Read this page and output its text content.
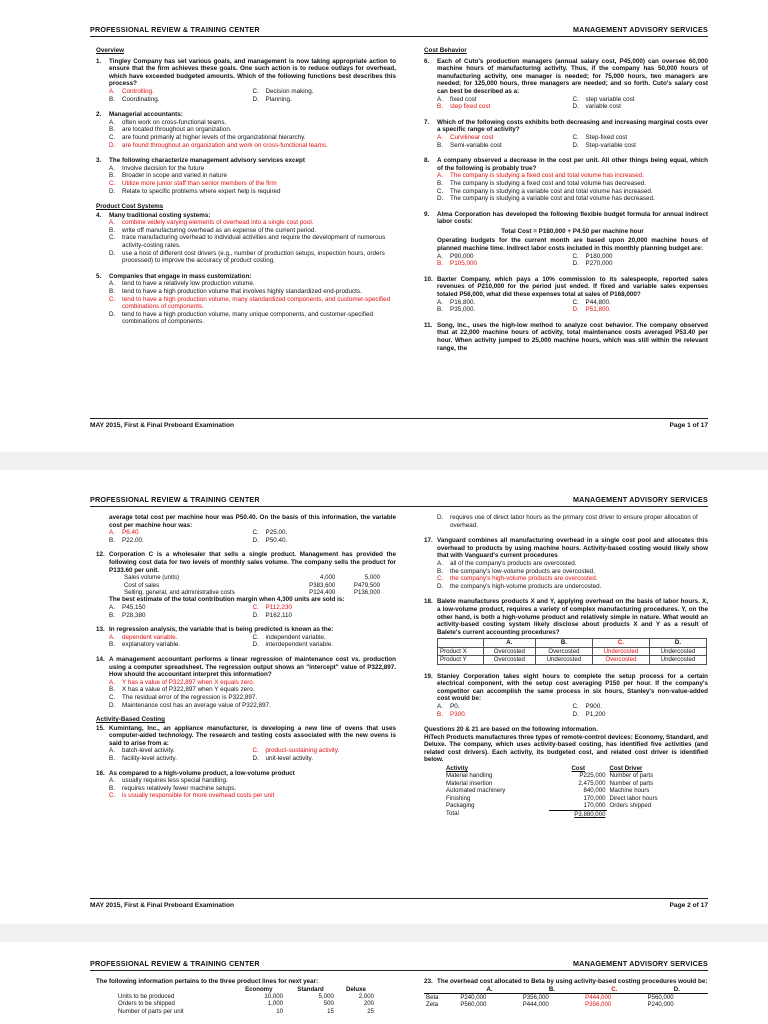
PROFESSIONAL REVIEW & TRAINING CENTER	MANAGEMENT ADVISORY SERVICES
Overview
1.	Tingley Company has set various goals, and management is now taking appropriate action to ensure that the firm achieves these goals. One such action is to reduce outlays for overhead, which have exceeded budgeted amounts. Which of the following functions best describes this process?
A.	Controlling.	C.	Decision making.
B.	Coordinating.	D.	Planning.
2.	Managerial accountants:
A.	often work on cross-functional teams.
B.	are located throughout an organization.
C.	are found primarily at higher levels of the organizational hierarchy.
D.	are found throughout an organization and work on cross-functional teams.
3.	The following characterize management advisory services except
A.	Involve decision for the future
B.	Broader in scope and varied in nature
C.	Utilize more junior staff than senior members of the firm
D.	Relate to specific problems where expert help is required
Product Cost Systems
4.	Many traditional costing systems:
A.	combine widely varying elements of overhead into a single cost pool.
B.	write off manufacturing overhead as an expense of the current period.
C.	trace manufacturing overhead to individual activities and require the development of numerous activity-costing rates.
D.	use a host of different cost drivers (e.g., number of production setups, inspection hours, orders processed) to improve the accuracy of product costing.
5.	Companies that engage in mass customization:
A.	tend to have a relatively low production volume.
B.	tend to have a high production volume that involves highly standardized end-products.
C.	tend to have a high production volume, many standardized components, and customer-specified combinations of components.
D.	tend to have a high production volume, many unique components, and customer-specified combinations of components.
Cost Behavior
6.	Each of Cuto's production managers (annual salary cost, P45,000) can oversee 60,000 machine hours of manufacturing activity. Thus, if the company has 50,000 hours of manufacturing activity, one manager is needed; for 75,000 hours, two managers are needed; for 125,000 hours, three managers are needed; and so forth. Cuto's salary cost can best be described as a:
A.	fixed cost	C.	step variable cost
B.	step fixed cost	D.	variable cost
7.	Which of the following costs exhibits both decreasing and increasing marginal costs over a specific range of activity?
A.	Curvilinear cost	C.	Step-fixed cost
B.	Semi-variable cost	D.	Step-variable cost
8.	A company observed a decrease in the cost per unit. All other things being equal, which of the following is probably true?
A.	The company is studying a fixed cost and total volume has increased.
B.	The company is studying a fixed cost and total volume has decreased.
C.	The company is studying a variable cost and total volume has increased.
D.	The company is studying a variable cost and total volume has decreased.
9.	Alma Corporation has developed the following flexible budget formula for annual indirect labor costs:
Total Cost = P180,000 + P4.50 per machine hour
Operating budgets for the current month are based upon 20,000 machine hours of planned machine time. Indirect labor costs included in this monthly planning budget are:
A.	P90,000	C.	P180,000
B.	P105,000	D.	P270,000
10. Baxter Company, which pays a 10% commission to its salespeople, reported sales revenues of P210,000 for the period just ended. If fixed and variable sales expenses totaled P56,000, what did these expenses total at sales of P168,000?
A.	P16,800.	C.	P44,800.
B.	P35,000.	D.	P51,800.
11. Song, Inc., uses the high-low method to analyze cost behavior. The company observed that at 22,000 machine hours of activity, total maintenance costs averaged P53.40 per hour. When activity jumped to 25,000 machine hours, which was still within the relevant range, the
MAY 2015, First & Final Preboard Examination	Page 1 of 17
PROFESSIONAL REVIEW & TRAINING CENTER	MANAGEMENT ADVISORY SERVICES
average total cost per machine hour was P50.40. On the basis of this information, the variable cost per machine hour was:
A.	P6.40.	C.	P25.00.
B.	P22.00.	D.	P50.40.
12. Corporation C is a wholesaler that sells a single product. Management has provided the following cost data for two levels of monthly sales volume. The company sells the product for P133.60 per unit.
Sales volume (units)	4,000	5,000
Cost of sales	P383,600	P479,500
Selling, general, and administrative costs	P124,400	P136,000
The best estimate of the total contribution margin when 4,300 units are sold is:
A.	P45,150	C.	P112,230
B.	P28,380	D.	P162,110
13. In regression analysis, the variable that is being predicted is known as the:
A.	dependent variable.	C.	independent variable.
B.	explanatory variable.	D.	interdependent variable.
14. A management accountant performs a linear regression of maintenance cost vs. production using a computer spreadsheet. The regression output shows an "intercept" value of P322,897. How should the accountant interpret this information?
A.	Y has a value of P322,897 when X equals zero.
B.	X has a value of P322,897 when Y equals zero.
C.	The residual error of the regression is P322,897.
D.	Maintenance cost has an average value of P322,897.
Activity-Based Costing
15. Kumintang, Inc., an appliance manufacturer, is developing a new line of ovens that uses computer-aided technology. The research and testing costs associated with the new ovens is said to arise from a:
A.	batch-level activity.	C.	product-sustaining activity.
B.	facility-level activity.	D.	unit-level activity.
16. As compared to a high-volume product, a low-volume product
A.	usually requires less special handling.
B.	requires relatively fewer machine setups.
C.	is usually responsible for more overhead costs per unit
D.	requires use of direct labor hours as the primary cost driver to ensure proper allocation of overhead.
17. Vanguard combines all manufacturing overhead in a single cost pool and allocates this overhead to products by using machine hours. Activity-based costing would likely show that with Vanguard's current procedures
A.	all of the company's products are overcosted.
B.	the company's low-volume products are overcosted.
C.	the company's high-volume products are overcosted.
D.	the company's high-volume products are undercosted.
18. Balete manufactures products X and Y, applying overhead on the basis of labor hours. X, a low-volume product, requires a variety of complex manufacturing procedures. Y, on the other hand, is both a high-volume product and relatively simple in nature. What would an activity-based costing system likely disclose about products X and Y as a result of Balete's current accounting procedures?
	A.	B.	C.	D.
Product X	Overcosted	Overcosted	Undercosted	Undercosted
Product Y	Overcosted	Undercosted	Overcosted	Undercosted
19. Stanley Corporation takes eight hours to complete the setup process for a certain electrical component, with the setup cost averaging P150 per hour. If the company's competitor can accomplish the same process in six hours, Stanley's non-value-added cost would be:
A.	P0.	C.	P900.
B.	P300.	D.	P1,200
Questions 20 & 21 are based on the following information.
HiTech Products manufactures three types of remote-control devices: Economy, Standard, and Deluxe. The company, which uses activity-based costing, has identified five activities (and related cost drivers). Each activity, its budgeted cost, and related cost driver is identified below.
Activity	Cost	Cost Driver
Material handling	P225,000	Number of parts
Material insertion	2,475,000	Number of parts
Automated machinery	840,000	Machine hours
Finishing	170,000	Direct labor hours
Packaging	170,000	Orders shipped
Total	P3,880,000	
MAY 2015, First & Final Preboard Examination	Page 2 of 17
PROFESSIONAL REVIEW & TRAINING CENTER	MANAGEMENT ADVISORY SERVICES
The following information pertains to the three product lines for next year:
	Economy	Standard	Deluxe
Units to be produced	10,000	5,000	2,000
Orders to be shipped	1,000	500	200
Number of parts per unit	10	15	25
23. The overhead cost allocated to Beta by using activity-based costing procedures would be:
	A.	B.	C.	D.
Beta	P240,000	P356,000	P444,000	P560,000
Zeta	P560,000	P444,000	P356,000	P240,000
